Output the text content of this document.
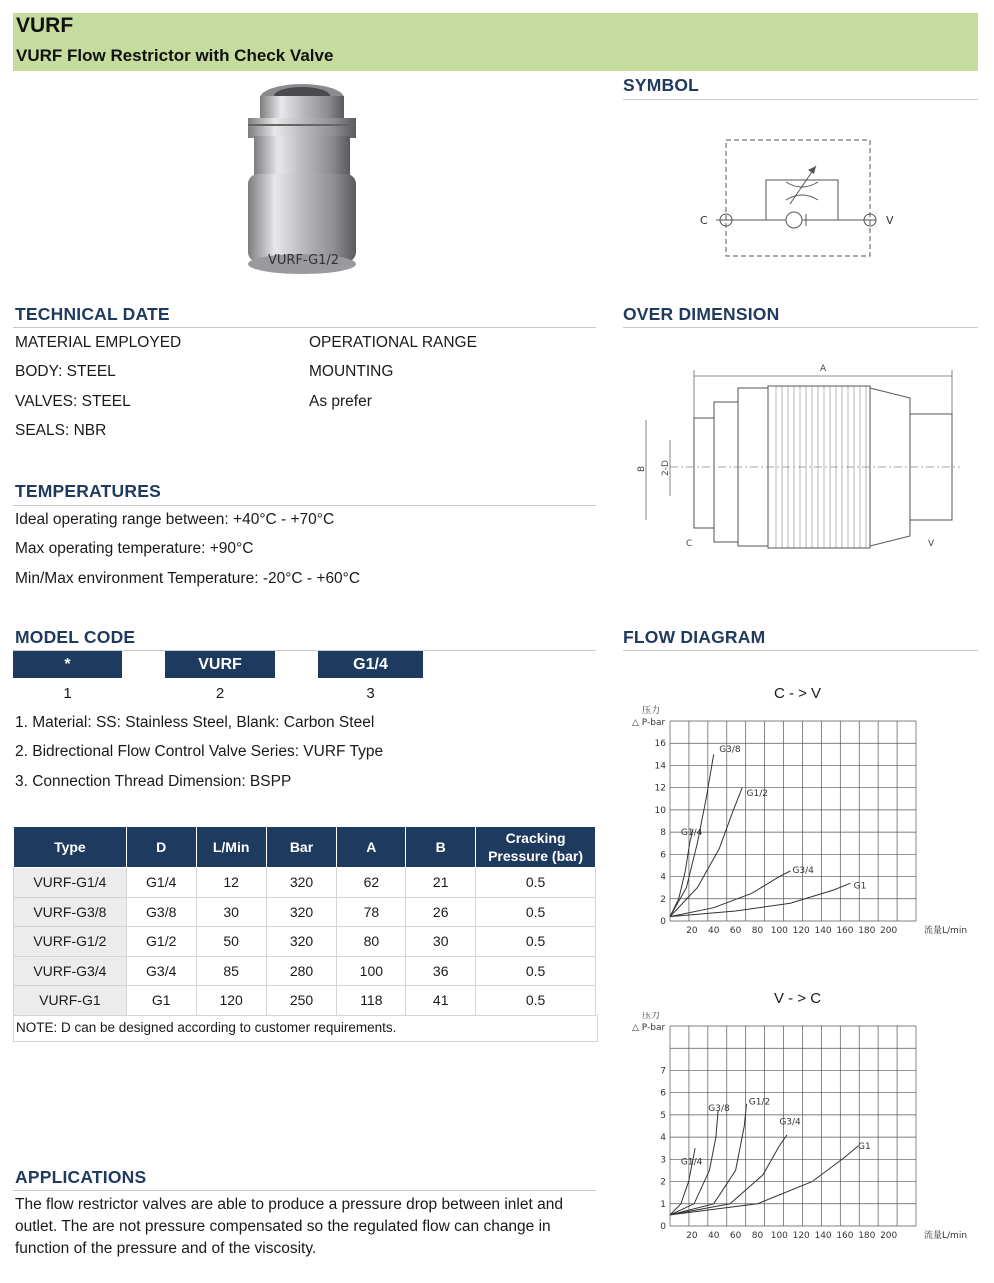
VURF
VURF Flow Restrictor with Check Valve
VURF-G1/2
SYMBOL
C	V
TECHNICAL DATE
MATERIAL EMPLOYED
BODY: STEEL
VALVES: STEEL
SEALS: NBR
OPERATIONAL RANGE
MOUNTING
As prefer
OVER DIMENSION
A
B 2-D
C	V
TEMPERATURES
Ideal operating range between: +40°C - +70°C
Max operating temperature: +90°C
Min/Max environment Temperature: -20°C - +60°C
MODEL CODE
*	VURF	G1/4
1	2	3
1. Material: SS: Stainless Steel, Blank: Carbon Steel
2. Bidrectional Flow Control Valve Series: VURF Type
3. Connection Thread Dimension: BSPP
Type	D	L/Min	Bar	A	B	Cracking
Pressure (bar)
VURF-G1/4	G1/4	12	320	62	21	0.5
VURF-G3/8	G3/8	30	320	78	26	0.5
VURF-G1/2	G1/2	50	320	80	30	0.5
VURF-G3/4	G3/4	85	280	100	36	0.5
VURF-G1	G1	120	250	118	41	0.5
NOTE: D can be designed according to customer requirements.
APPLICATIONS
The flow restrictor valves are able to produce a pressure drop between inlet and outlet. The are not pressure compensated so the regulated flow can change in function of the pressure and of the viscosity.
FLOW DIAGRAM
C - > V
压力
△ P-bar
流量L/min
20 40 60 80 100 120 140 160 180 200
0
2
4
6
8
10
12
14
16
G1/4
G3/8
G1/2
G3/4
G1
V - > C
压力
△ P-bar
流量L/min
20 40 60 80 100 120 140 160 180 200
0
1
2
3
4
5
6
7
G1/4
G3/8
G1/2
G3/4
G1
